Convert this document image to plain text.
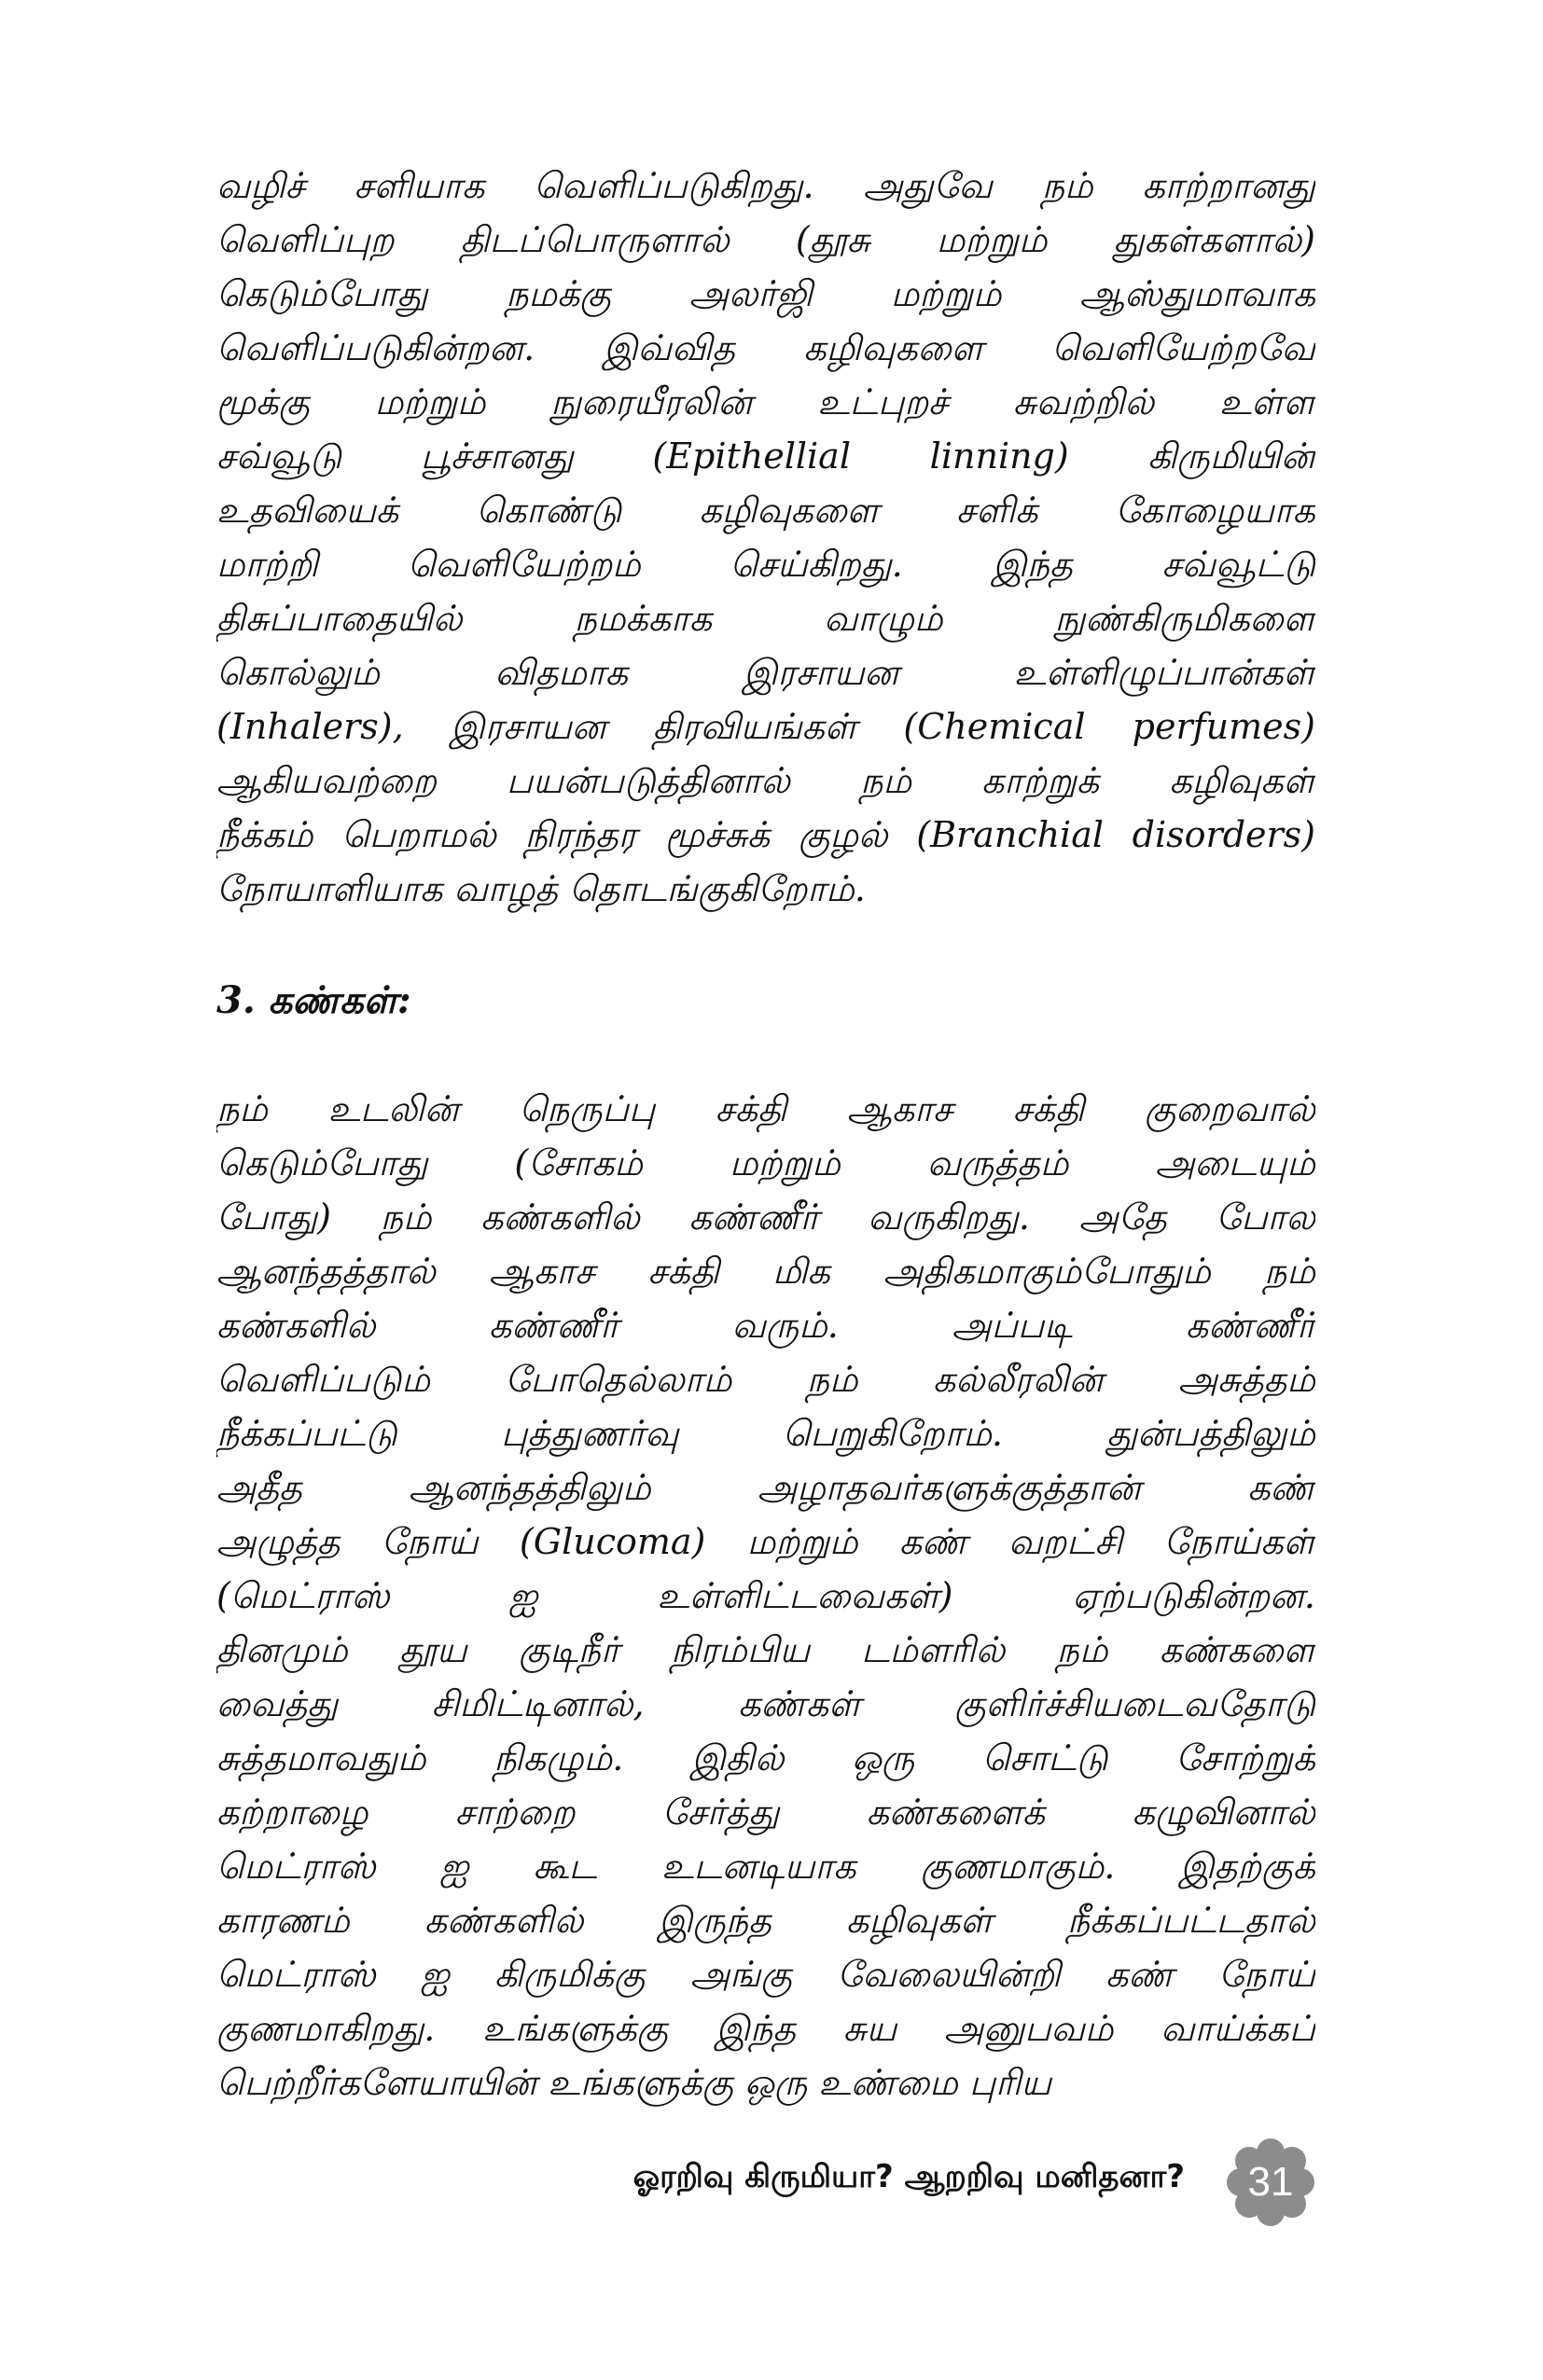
வழிச் சளியாக வெளிப்படுகிறது. அதுவே நம் காற்றானது
வெளிப்புற திடப்பொருளால் (தூசு மற்றும் துகள்களால்)
கெடும்போது நமக்கு அலர்ஜி மற்றும் ஆஸ்துமாவாக
வெளிப்படுகின்றன. இவ்வித கழிவுகளை வெளியேற்றவே
மூக்கு மற்றும் நுரையீரலின் உட்புறச் சுவற்றில் உள்ள
சவ்வூடு பூச்சானது (Epithellial linning) கிருமியின்
உதவியைக் கொண்டு கழிவுகளை சளிக் கோழையாக
மாற்றி வெளியேற்றம் செய்கிறது. இந்த சவ்வூட்டு
திசுப்பாதையில் நமக்காக வாழும் நுண்கிருமிகளை
கொல்லும் விதமாக இரசாயன உள்ளிழுப்பான்கள்
(Inhalers), இரசாயன திரவியங்கள் (Chemical perfumes)
ஆகியவற்றை பயன்படுத்தினால் நம் காற்றுக் கழிவுகள்
நீக்கம் பெறாமல் நிரந்தர மூச்சுக் குழல் (Branchial disorders)
நோயாளியாக வாழத் தொடங்குகிறோம்.
3. கண்கள்:
நம் உடலின் நெருப்பு சக்தி ஆகாச சக்தி குறைவால்
கெடும்போது (சோகம் மற்றும் வருத்தம் அடையும்
போது) நம் கண்களில் கண்ணீர் வருகிறது. அதே போல
ஆனந்தத்தால் ஆகாச சக்தி மிக அதிகமாகும்போதும் நம்
கண்களில் கண்ணீர் வரும். அப்படி கண்ணீர்
வெளிப்படும் போதெல்லாம் நம் கல்லீரலின் அசுத்தம்
நீக்கப்பட்டு புத்துணர்வு பெறுகிறோம். துன்பத்திலும்
அதீத ஆனந்தத்திலும் அழாதவர்களுக்குத்தான் கண்
அழுத்த நோய் (Glucoma) மற்றும் கண் வறட்சி நோய்கள்
(மெட்ராஸ் ஐ உள்ளிட்டவைகள்) ஏற்படுகின்றன.
தினமும் தூய குடிநீர் நிரம்பிய டம்ளரில் நம் கண்களை
வைத்து சிமிட்டினால், கண்கள் குளிர்ச்சியடைவதோடு
சுத்தமாவதும் நிகழும். இதில் ஒரு சொட்டு சோற்றுக்
கற்றாழை சாற்றை சேர்த்து கண்களைக் கழுவினால்
மெட்ராஸ் ஐ கூட உடனடியாக குணமாகும். இதற்குக்
காரணம் கண்களில் இருந்த கழிவுகள் நீக்கப்பட்டதால்
மெட்ராஸ் ஐ கிருமிக்கு அங்கு வேலையின்றி கண் நோய்
குணமாகிறது. உங்களுக்கு இந்த சுய அனுபவம் வாய்க்கப்
பெற்றீர்களேயாயின் உங்களுக்கு ஒரு உண்மை புரிய
ஓரறிவு கிருமியா? ஆறறிவு மனிதனா?	31
